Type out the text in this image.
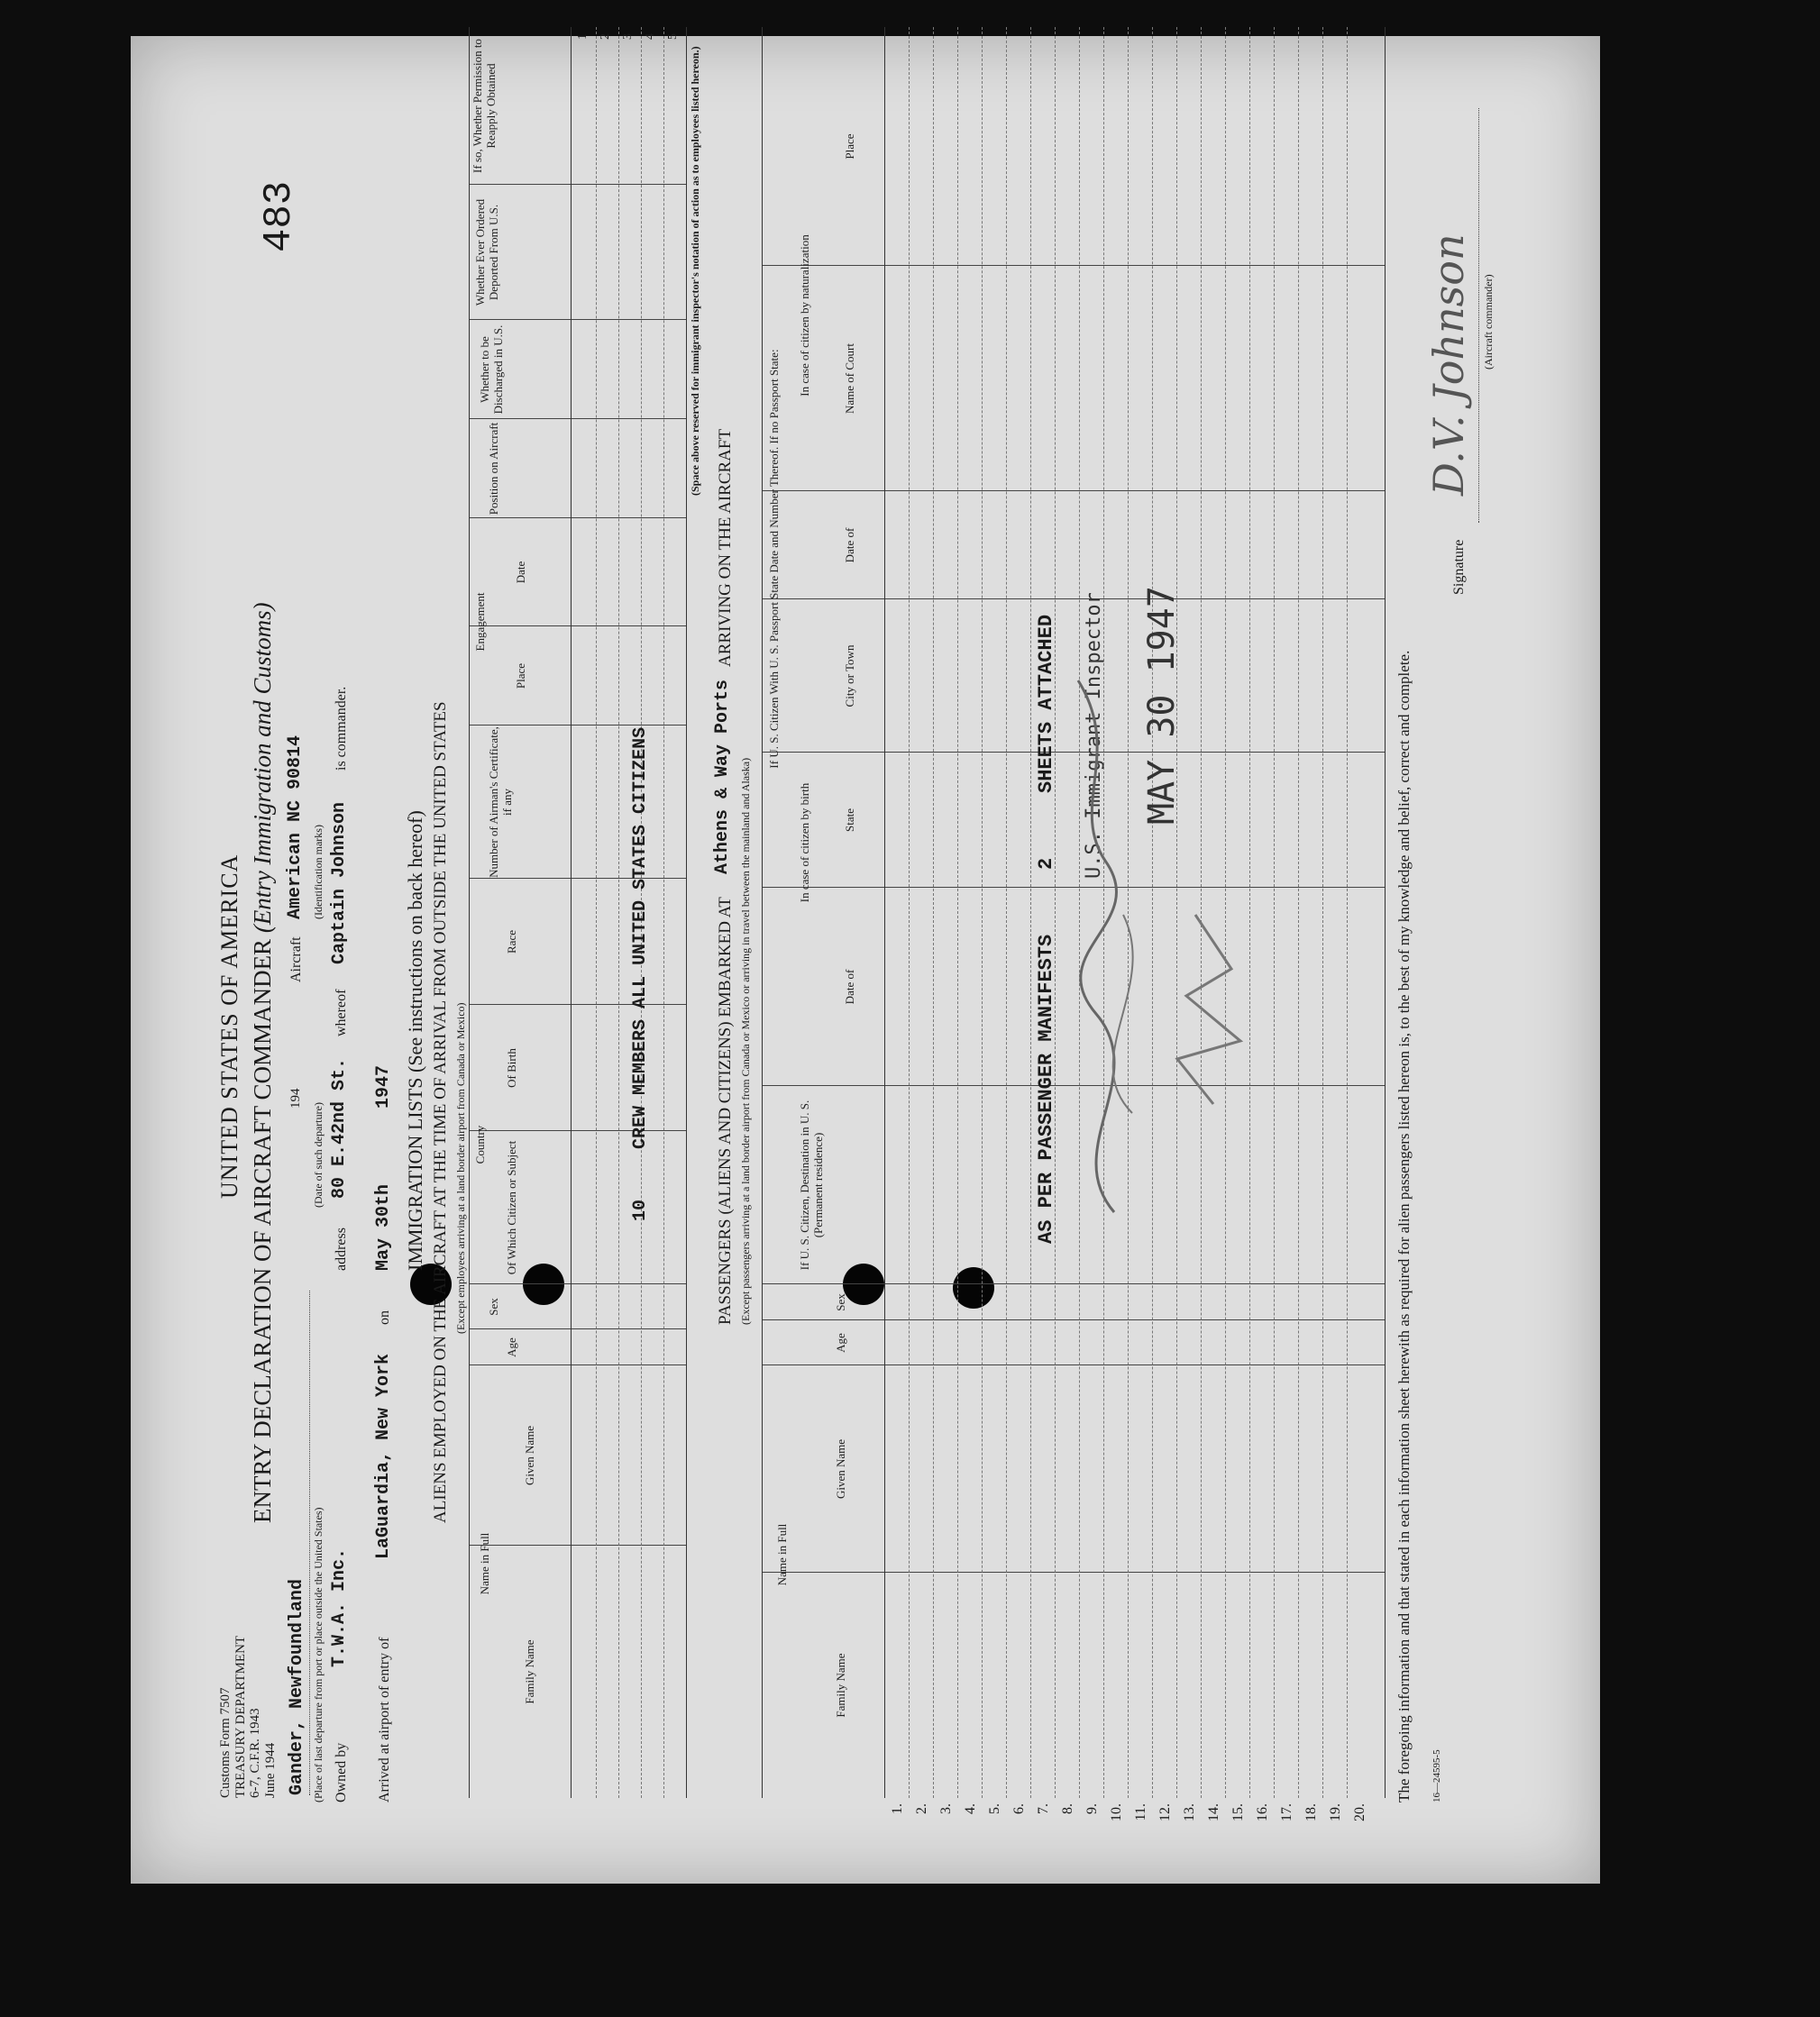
Customs Form 7507 TREASURY DEPARTMENT 6-7, C.F.R. 1943 June 1944
UNITED STATES OF AMERICA ENTRY DECLARATION OF AIRCRAFT COMMANDER (Entry Immigration and Customs)
483
Gander, Newfoundland (Place of last departure from port or place outside the United States)
194
(Date of such departure)
Aircraft
American NC 90814 (Identification marks)
Owned by
T.W.A. Inc.
address
80 E.42nd St.
whereof
Captain Johnson
is commander.
Arrived at airport of entry of
LaGuardia, New York
on
May 30th
1947 IMMIGRATION LISTS (See instructions on back hereof) ALIENS EMPLOYED ON THE AIRCRAFT AT THE TIME OF ARRIVAL FROM OUTSIDE THE UNITED STATES (Except employees arriving at a land border airport from Canada or Mexico)
Name in Full
Family Name
Given Name
Age
Sex
Country Of Which Citizen or Subject
Of Birth
Race
Number of Airman's Certificate, if any
Engagement
Place
Date
Position on Aircraft
Whether to be Discharged in U.S.
Whether Ever Ordered Deported From U.S.
If so, Whether Permission to Reapply Obtained
10
CREW MEMBERS ALL UNITED STATES CITIZENS
1 2 3 4 5
(Space above reserved for immigrant inspector's notation of action as to employees listed hereon.)
PASSENGERS (ALIENS AND CITIZENS) EMBARKED AT
Athens & Way Ports
ARRIVING ON THE AIRCRAFT
(Except passengers arriving at a land border airport from Canada or Mexico or arriving in travel between the mainland and Alaska)
Name in Full
Family Name
Given Name
Age
Sex
If U. S. Citizen, Destination in U. S. (Permanent residence)
If U. S. Citizen With U. S. Passport State Date and Number Thereof. If no Passport State:
In case of citizen by birth
In case of citizen by naturalization
Date of
State
City or Town
Date of
Name of Court
Place
1. 2. 3. 4. 5. 6. 7. 8. 9. 10. 11. 12. 13. 14. 15. 16. 17. 18. 19. 20.
AS PER PASSENGER MANIFESTS
2
SHEETS ATTACHED U.S. Immigrant Inspector MAY 30 1947	The foregoing information and that stated in each information sheet herewith as required for alien passengers listed hereon is, to the best of my knowledge and belief, correct and complete.
Signature
D.V. Johnson (Aircraft commander)
16—24595-5
